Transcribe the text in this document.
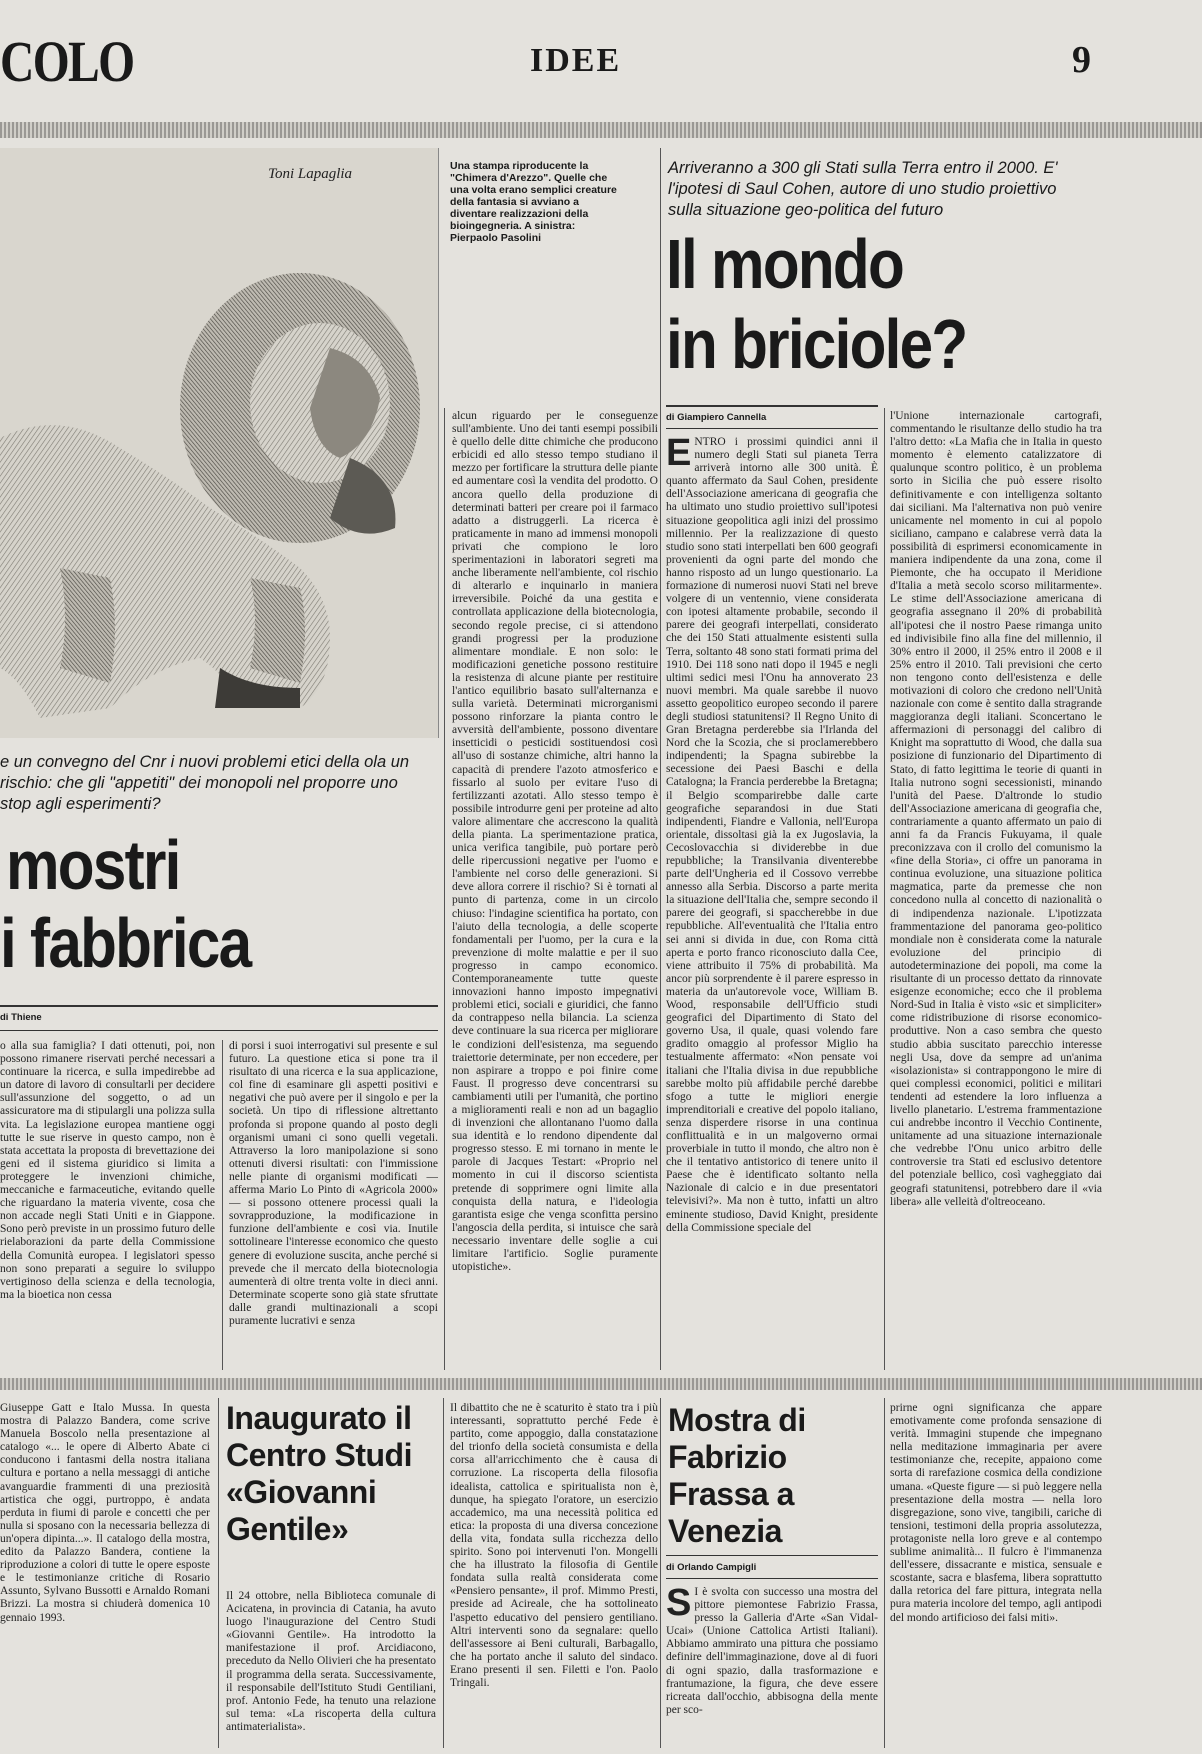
COLO	IDEE	9
Toni Lapaglia	Una stampa riproducente la "Chimera d'Arezzo". Quelle che una volta erano semplici creature della fantasia si avviano a diventare realizzazioni della bioingegneria. A sinistra: Pierpaolo Pasolini
e un convegno del Cnr i nuovi problemi etici della ola un rischio: che gli "appetiti" dei monopoli nel proporre uno stop agli esperimenti?
mostri
i fabbrica
di Thiene
o alla sua famiglia? I dati ottenuti, poi, non possono rimanere riservati perché necessari a continuare la ricerca, e sulla impedirebbe ad un datore di lavoro di consultarli per decidere sull'assunzione del soggetto, o ad un assicuratore ma di stipulargli una polizza sulla vita. La legislazione europea mantiene oggi tutte le sue riserve in questo campo, non è stata accettata la proposta di brevettazione dei geni ed il sistema giuridico si limita a proteggere le invenzioni chimiche, meccaniche e farmaceutiche, evitando quelle che riguardano la materia vivente, cosa che non accade negli Stati Uniti e in Giappone. Sono però previste in un prossimo futuro delle rielaborazioni da parte della Commissione della Comunità europea. I legislatori spesso non sono preparati a seguire lo sviluppo vertiginoso della scienza e della tecnologia, ma la bioetica non cessa
di porsi i suoi interrogativi sul presente e sul futuro. La questione etica si pone tra il risultato di una ricerca e la sua applicazione, col fine di esaminare gli aspetti positivi e negativi che può avere per il singolo e per la società. Un tipo di riflessione altrettanto profonda si propone quando al posto degli organismi umani ci sono quelli vegetali. Attraverso la loro manipolazione si sono ottenuti diversi risultati: con l'immissione nelle piante di organismi modificati — afferma Mario Lo Pinto di «Agricola 2000» — si possono ottenere processi quali la sovrapproduzione, la modificazione in funzione dell'ambiente e così via. Inutile sottolineare l'interesse economico che questo genere di evoluzione suscita, anche perché si prevede che il mercato della biotecnologia aumenterà di oltre trenta volte in dieci anni. Determinate scoperte sono già state sfruttate dalle grandi multinazionali a scopi puramente lucrativi e senza
alcun riguardo per le conseguenze sull'ambiente. Uno dei tanti esempi possibili è quello delle ditte chimiche che producono erbicidi ed allo stesso tempo studiano il mezzo per fortificare la struttura delle piante ed aumentare così la vendita del prodotto. O ancora quello della produzione di determinati batteri per creare poi il farmaco adatto a distruggerli. La ricerca è praticamente in mano ad immensi monopoli privati che compiono le loro sperimentazioni in laboratori segreti ma anche liberamente nell'ambiente, col rischio di alterarlo e inquinarlo in maniera irreversibile. Poiché da una gestita e controllata applicazione della biotecnologia, secondo regole precise, ci si attendono grandi progressi per la produzione alimentare mondiale. E non solo: le modificazioni genetiche possono restituire la resistenza di alcune piante per restituire l'antico equilibrio basato sull'alternanza e sulla varietà. Determinati microrganismi possono rinforzare la pianta contro le avversità dell'ambiente, possono diventare insetticidi o pesticidi sostituendosi così all'uso di sostanze chimiche, altri hanno la capacità di prendere l'azoto atmosferico e fissarlo al suolo per evitare l'uso di fertilizzanti azotati. Allo stesso tempo è possibile introdurre geni per proteine ad alto valore alimentare che accrescono la qualità della pianta. La sperimentazione pratica, unica verifica tangibile, può portare però delle ripercussioni negative per l'uomo e l'ambiente nel corso delle generazioni. Si deve allora correre il rischio? Si è tornati al punto di partenza, come in un circolo chiuso: l'indagine scientifica ha portato, con l'aiuto della tecnologia, a delle scoperte fondamentali per l'uomo, per la cura e la prevenzione di molte malattie e per il suo progresso in campo economico. Contemporaneamente tutte queste innovazioni hanno imposto impegnativi problemi etici, sociali e giuridici, che fanno da contrappeso nella bilancia. La scienza deve continuare la sua ricerca per migliorare le condizioni dell'esistenza, ma seguendo traiettorie determinate, per non eccedere, per non aspirare a troppo e poi finire come Faust. Il progresso deve concentrarsi su cambiamenti utili per l'umanità, che portino a miglioramenti reali e non ad un bagaglio di invenzioni che allontanano l'uomo dalla sua identità e lo rendono dipendente dal progresso stesso. E mi tornano in mente le parole di Jacques Testart: «Proprio nel momento in cui il discorso scientista pretende di sopprimere ogni limite alla conquista della natura, e l'ideologia garantista esige che venga sconfitta persino l'angoscia della perdita, si intuisce che sarà necessario inventare delle soglie a cui limitare l'artificio. Soglie puramente utopistiche».
Arriveranno a 300 gli Stati sulla Terra entro il 2000. E' l'ipotesi di Saul Cohen, autore di uno studio proiettivo sulla situazione geo-politica del futuro
Il mondo
in briciole?
di Giampiero Cannella
ENTRO i prossimi quindici anni il numero degli Stati sul pianeta Terra arriverà intorno alle 300 unità. È quanto affermato da Saul Cohen, presidente dell'Associazione americana di geografia che ha ultimato uno studio proiettivo sull'ipotesi situazione geopolitica agli inizi del prossimo millennio. Per la realizzazione di questo studio sono stati interpellati ben 600 geografi provenienti da ogni parte del mondo che hanno risposto ad un lungo questionario. La formazione di numerosi nuovi Stati nel breve volgere di un ventennio, viene considerata con ipotesi altamente probabile, secondo il parere dei geografi interpellati, considerato che dei 150 Stati attualmente esistenti sulla Terra, soltanto 48 sono stati formati prima del 1910. Dei 118 sono nati dopo il 1945 e negli ultimi sedici mesi l'Onu ha annoverato 23 nuovi membri. Ma quale sarebbe il nuovo assetto geopolitico europeo secondo il parere degli studiosi statunitensi? Il Regno Unito di Gran Bretagna perderebbe sia l'Irlanda del Nord che la Scozia, che si proclamerebbero indipendenti; la Spagna subirebbe la secessione dei Paesi Baschi e della Catalogna; la Francia perderebbe la Bretagna; il Belgio scomparirebbe dalle carte geografiche separandosi in due Stati indipendenti, Fiandre e Vallonia, nell'Europa orientale, dissoltasi già la ex Jugoslavia, la Cecoslovacchia si dividerebbe in due repubbliche; la Transilvania diventerebbe parte dell'Ungheria ed il Cossovo verrebbe annesso alla Serbia. Discorso a parte merita la situazione dell'Italia che, sempre secondo il parere dei geografi, si spaccherebbe in due repubbliche. All'eventualità che l'Italia entro sei anni si divida in due, con Roma città aperta e porto franco riconosciuto dalla Cee, viene attribuito il 75% di probabilità. Ma ancor più sorprendente è il parere espresso in materia da un'autorevole voce, William B. Wood, responsabile dell'Ufficio studi geografici del Dipartimento di Stato del governo Usa, il quale, quasi volendo fare gradito omaggio al professor Miglio ha testualmente affermato: «Non pensate voi italiani che l'Italia divisa in due repubbliche sarebbe molto più affidabile perché darebbe sfogo a tutte le migliori energie imprenditoriali e creative del popolo italiano, senza disperdere risorse in una continua conflittualità e in un malgoverno ormai proverbiale in tutto il mondo, che altro non è che il tentativo antistorico di tenere unito il Paese che è identificato soltanto nella Nazionale di calcio e in due presentatori televisivi?». Ma non è tutto, infatti un altro eminente studioso, David Knight, presidente della Commissione speciale del
l'Unione internazionale cartografi, commentando le risultanze dello studio ha tra l'altro detto: «La Mafia che in Italia in questo momento è elemento catalizzatore di qualunque scontro politico, è un problema sorto in Sicilia che può essere risolto definitivamente e con intelligenza soltanto dai siciliani. Ma l'alternativa non può venire unicamente nel momento in cui al popolo siciliano, campano e calabrese verrà data la possibilità di esprimersi economicamente in maniera indipendente da una zona, come il Piemonte, che ha occupato il Meridione d'Italia a metà secolo scorso militarmente». Le stime dell'Associazione americana di geografia assegnano il 20% di probabilità all'ipotesi che il nostro Paese rimanga unito ed indivisibile fino alla fine del millennio, il 30% entro il 2000, il 25% entro il 2008 e il 25% entro il 2010. Tali previsioni che certo non tengono conto dell'esistenza e delle motivazioni di coloro che credono nell'Unità nazionale con come è sentito dalla stragrande maggioranza degli italiani. Sconcertano le affermazioni di personaggi del calibro di Knight ma soprattutto di Wood, che dalla sua posizione di funzionario del Dipartimento di Stato, di fatto legittima le teorie di quanti in Italia nutrono sogni secessionisti, minando l'unità del Paese. D'altronde lo studio dell'Associazione americana di geografia che, contrariamente a quanto affermato un paio di anni fa da Francis Fukuyama, il quale preconizzava con il crollo del comunismo la «fine della Storia», ci offre un panorama in continua evoluzione, una situazione politica magmatica, parte da premesse che non concedono nulla al concetto di nazionalità o di indipendenza nazionale. L'ipotizzata frammentazione del panorama geo-politico mondiale non è considerata come la naturale evoluzione del principio di autodeterminazione dei popoli, ma come la risultante di un processo dettato da rinnovate esigenze economiche; ecco che il problema Nord-Sud in Italia è visto «sic et simpliciter» come ridistribuzione di risorse economico-produttive. Non a caso sembra che questo studio abbia suscitato parecchio interesse negli Usa, dove da sempre ad un'anima «isolazionista» si contrappongono le mire di quei complessi economici, politici e militari tendenti ad estendere la loro influenza a livello planetario. L'estrema frammentazione cui andrebbe incontro il Vecchio Continente, unitamente ad una situazione internazionale che vedrebbe l'Onu unico arbitro delle controversie tra Stati ed esclusivo detentore del potenziale bellico, così vagheggiato dai geografi statunitensi, potrebbero dare il «via libera» alle velleità d'oltreoceano.
Giuseppe Gatt e Italo Mussa. In questa mostra di Palazzo Bandera, come scrive Manuela Boscolo nella presentazione al catalogo «... le opere di Alberto Abate ci conducono i fantasmi della nostra italiana cultura e portano a nella messaggi di antiche avanguardie frammenti di una preziosità artistica che oggi, purtroppo, è andata perduta in fiumi di parole e concetti che per nulla si sposano con la necessaria bellezza di un'opera dipinta...». Il catalogo della mostra, edito da Palazzo Bandera, contiene la riproduzione a colori di tutte le opere esposte e le testimonianze critiche di Rosario Assunto, Sylvano Bussotti e Arnaldo Romani Brizzi. La mostra si chiuderà domenica 10 gennaio 1993.
Inaugurato il Centro Studi «Giovanni Gentile»
Il 24 ottobre, nella Biblioteca comunale di Acicatena, in provincia di Catania, ha avuto luogo l'inaugurazione del Centro Studi «Giovanni Gentile». Ha introdotto la manifestazione il prof. Arcidiacono, preceduto da Nello Olivieri che ha presentato il programma della serata. Successivamente, il responsabile dell'Istituto Studi Gentiliani, prof. Antonio Fede, ha tenuto una relazione sul tema: «La riscoperta della cultura antimaterialista».
Il dibattito che ne è scaturito è stato tra i più interessanti, soprattutto perché Fede è partito, come appoggio, dalla constatazione del trionfo della società consumista e della corsa all'arricchimento che è causa di corruzione. La riscoperta della filosofia idealista, cattolica e spiritualista non è, dunque, ha spiegato l'oratore, un esercizio accademico, ma una necessità politica ed etica: la proposta di una diversa concezione della vita, fondata sulla ricchezza dello spirito. Sono poi intervenuti l'on. Mongelli che ha illustrato la filosofia di Gentile fondata sulla realtà considerata come «Pensiero pensante», il prof. Mimmo Presti, preside ad Acireale, che ha sottolineato l'aspetto educativo del pensiero gentiliano. Altri interventi sono da segnalare: quello dell'assessore ai Beni culturali, Barbagallo, che ha portato anche il saluto del sindaco. Erano presenti il sen. Filetti e l'on. Paolo Tringali.
Mostra di Fabrizio Frassa a Venezia
di Orlando Campigli
S I è svolta con successo una mostra del pittore piemontese Fabrizio Frassa, presso la Galleria d'Arte «San Vidal-Ucai» (Unione Cattolica Artisti Italiani). Abbiamo ammirato una pittura che possiamo definire dell'immaginazione, dove al di fuori di ogni spazio, dalla trasformazione e frantumazione, la figura, che deve essere ricreata dall'occhio, abbisogna della mente per sco-
prirne ogni significanza che appare emotivamente come profonda sensazione di verità. Immagini stupende che impegnano nella meditazione immaginaria per avere testimonianze che, recepite, appaiono come sorta di rarefazione cosmica della condizione umana. «Queste figure — si può leggere nella presentazione della mostra — nella loro disgregazione, sono vive, tangibili, cariche di tensioni, testimoni della propria assolutezza, protagoniste nella loro greve e al contempo sublime animalità... Il fulcro è l'immanenza dell'essere, dissacrante e mistica, sensuale e scostante, sacra e blasfema, libera soprattutto dalla retorica del fare pittura, integrata nella pura materia incolore del tempo, agli antipodi del mondo artificioso dei falsi miti».
